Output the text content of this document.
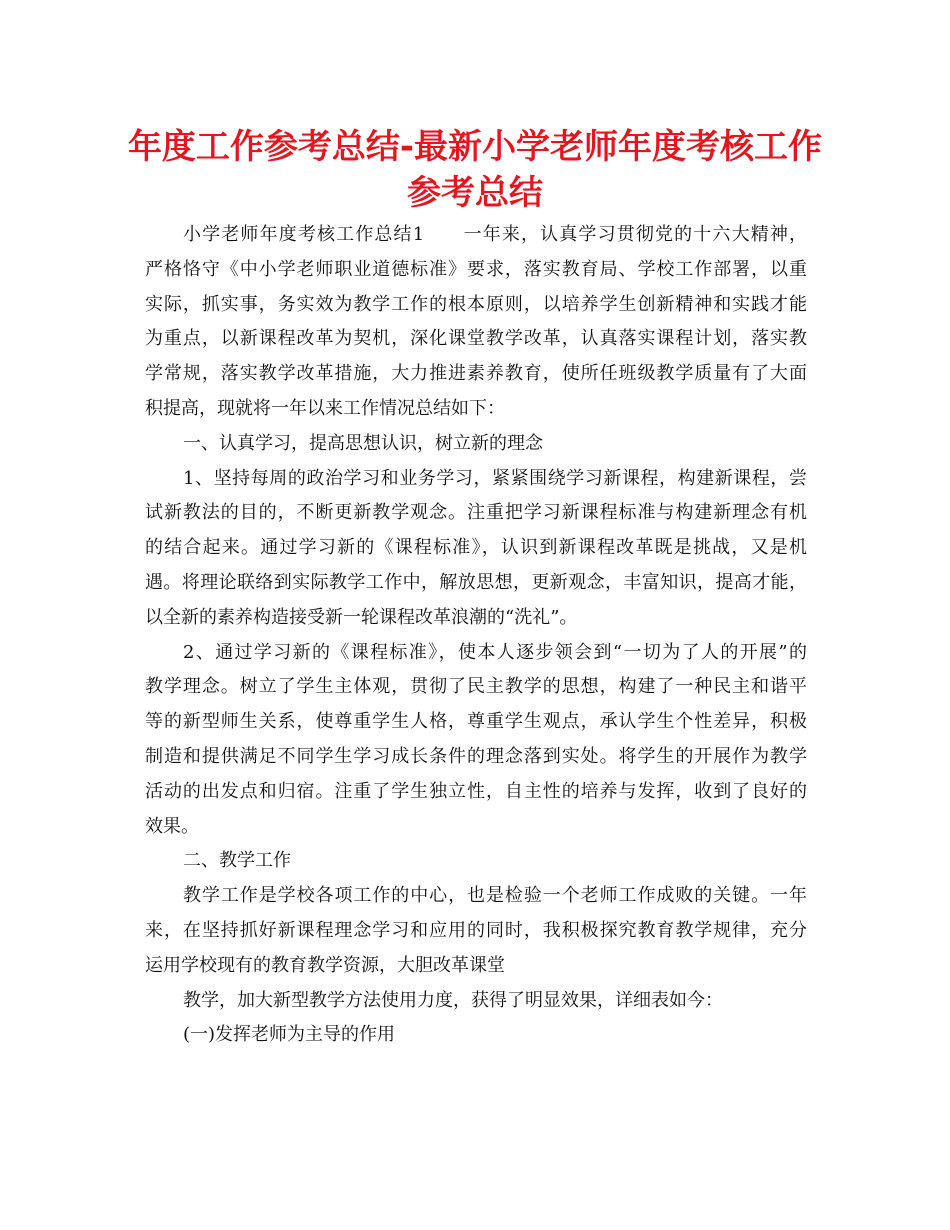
年度工作参考总结-最新小学老师年度考核工作
参考总结
小学老师年度考核工作总结1　　一年来，认真学习贯彻党的十六大精神，
严格恪守《中小学老师职业道德标准》要求，落实教育局、学校工作部署，以重
实际，抓实事，务实效为教学工作的根本原则，以培养学生创新精神和实践才能
为重点，以新课程改革为契机，深化课堂教学改革，认真落实课程计划，落实教
学常规，落实教学改革措施，大力推进素养教育，使所任班级教学质量有了大面
积提高，现就将一年以来工作情况总结如下：
一、认真学习，提高思想认识，树立新的理念
1、坚持每周的政治学习和业务学习，紧紧围绕学习新课程，构建新课程，尝
试新教法的目的，不断更新教学观念。注重把学习新课程标准与构建新理念有机
的结合起来。通过学习新的《课程标准》，认识到新课程改革既是挑战，又是机
遇。将理论联络到实际教学工作中，解放思想，更新观念，丰富知识，提高才能，
以全新的素养构造接受新一轮课程改革浪潮的“洗礼”。
2、通过学习新的《课程标准》，使本人逐步领会到“一切为了人的开展”的
教学理念。树立了学生主体观，贯彻了民主教学的思想，构建了一种民主和谐平
等的新型师生关系，使尊重学生人格，尊重学生观点，承认学生个性差异，积极
制造和提供满足不同学生学习成长条件的理念落到实处。将学生的开展作为教学
活动的出发点和归宿。注重了学生独立性，自主性的培养与发挥，收到了良好的
效果。
二、教学工作
教学工作是学校各项工作的中心，也是检验一个老师工作成败的关键。一年
来，在坚持抓好新课程理念学习和应用的同时，我积极探究教育教学规律，充分
运用学校现有的教育教学资源，大胆改革课堂
教学，加大新型教学方法使用力度，获得了明显效果，详细表如今：
(一)发挥老师为主导的作用
